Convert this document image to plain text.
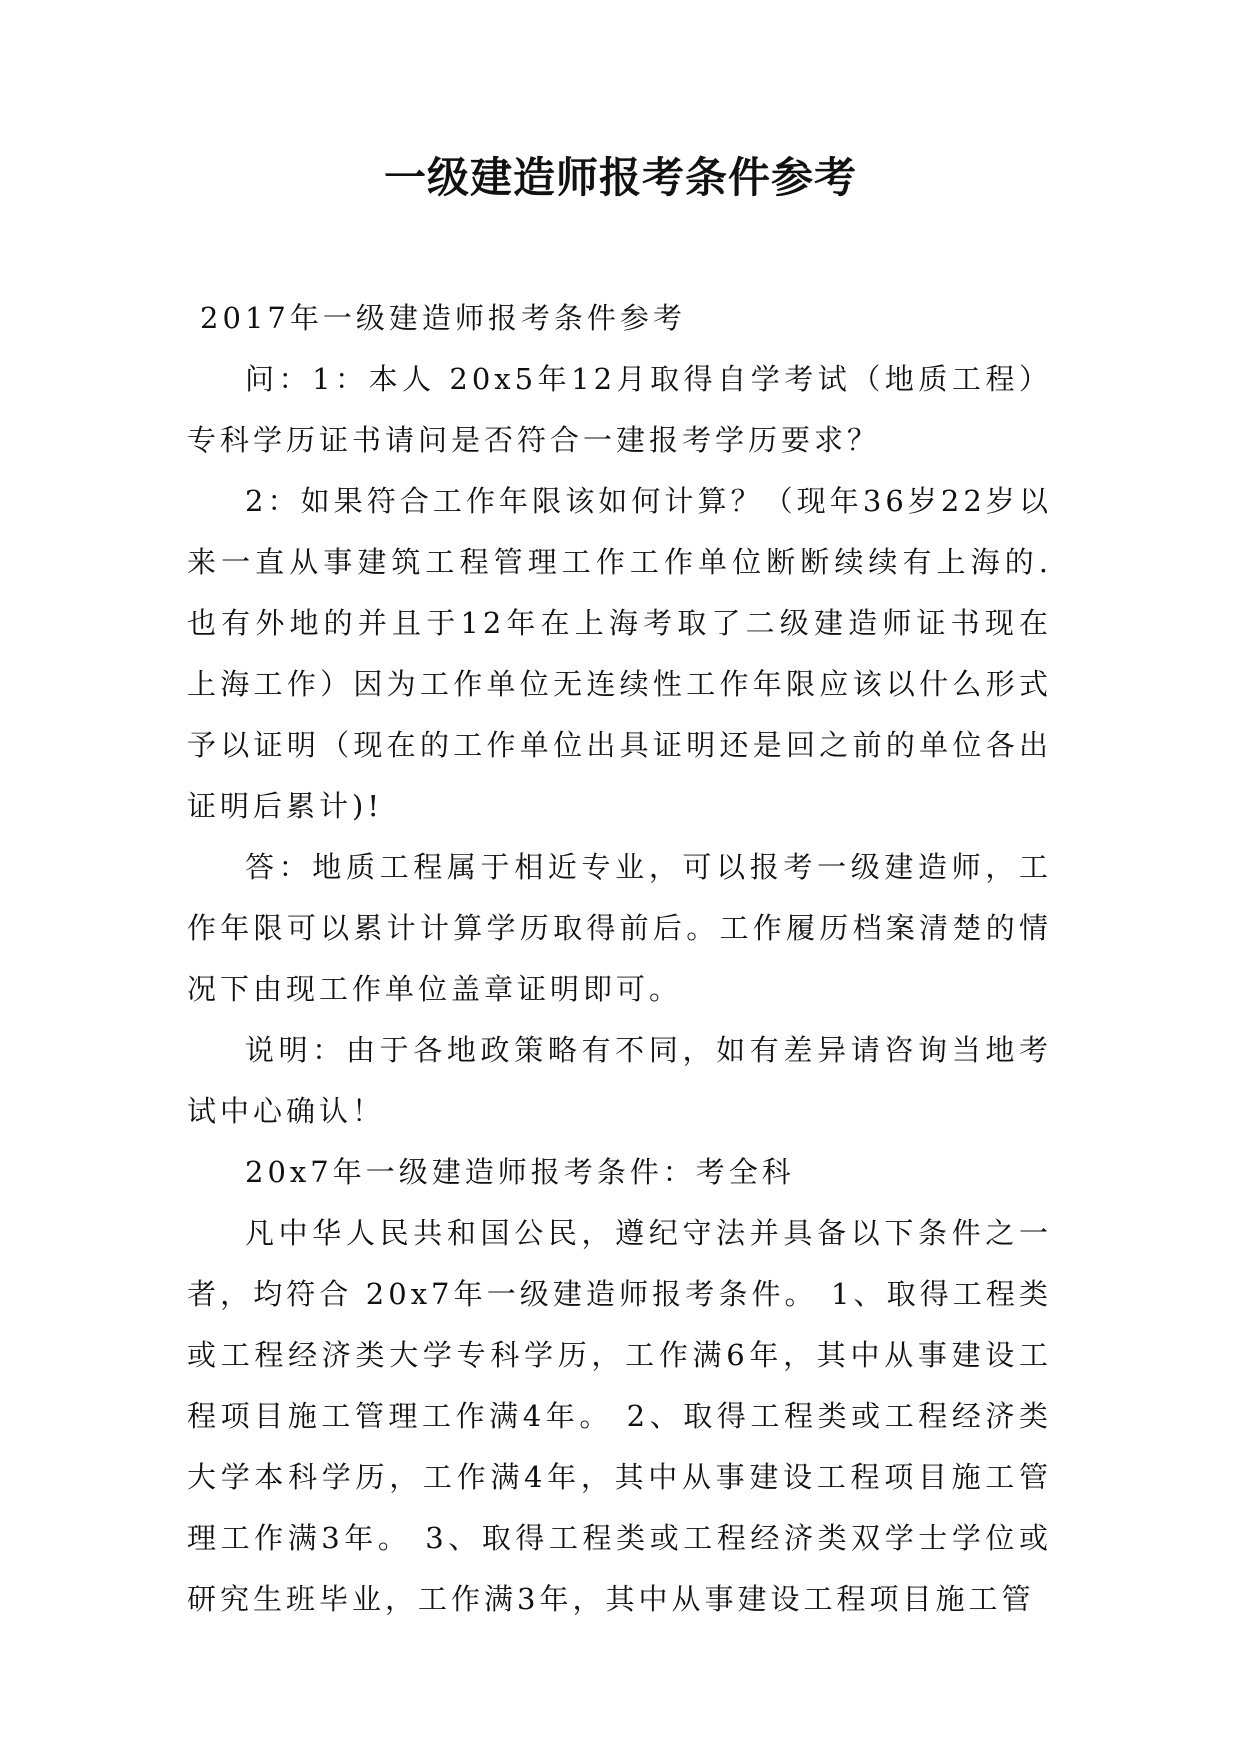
一级建造师报考条件参考

2017年一级建造师报考条件参考

问：1：本人 20x5年12月取得自学考试（地质工程）专科学历证书请问是否符合一建报考学历要求？

2：如果符合工作年限该如何计算？（现年36岁22岁以来一直从事建筑工程管理工作工作单位断断续续有上海的.也有外地的并且于12年在上海考取了二级建造师证书现在上海工作）因为工作单位无连续性工作年限应该以什么形式予以证明（现在的工作单位出具证明还是回之前的单位各出证明后累计)!

答：地质工程属于相近专业，可以报考一级建造师，工作年限可以累计计算学历取得前后。工作履历档案清楚的情况下由现工作单位盖章证明即可。

说明：由于各地政策略有不同，如有差异请咨询当地考试中心确认！

20x7年一级建造师报考条件：考全科

凡中华人民共和国公民，遵纪守法并具备以下条件之一者，均符合 20x7年一级建造师报考条件。 1、取得工程类或工程经济类大学专科学历，工作满6年，其中从事建设工程项目施工管理工作满4年。 2、取得工程类或工程经济类大学本科学历，工作满4年，其中从事建设工程项目施工管理工作满3年。 3、取得工程类或工程经济类双学士学位或研究生班毕业，工作满3年，其中从事建设工程项目施工管
